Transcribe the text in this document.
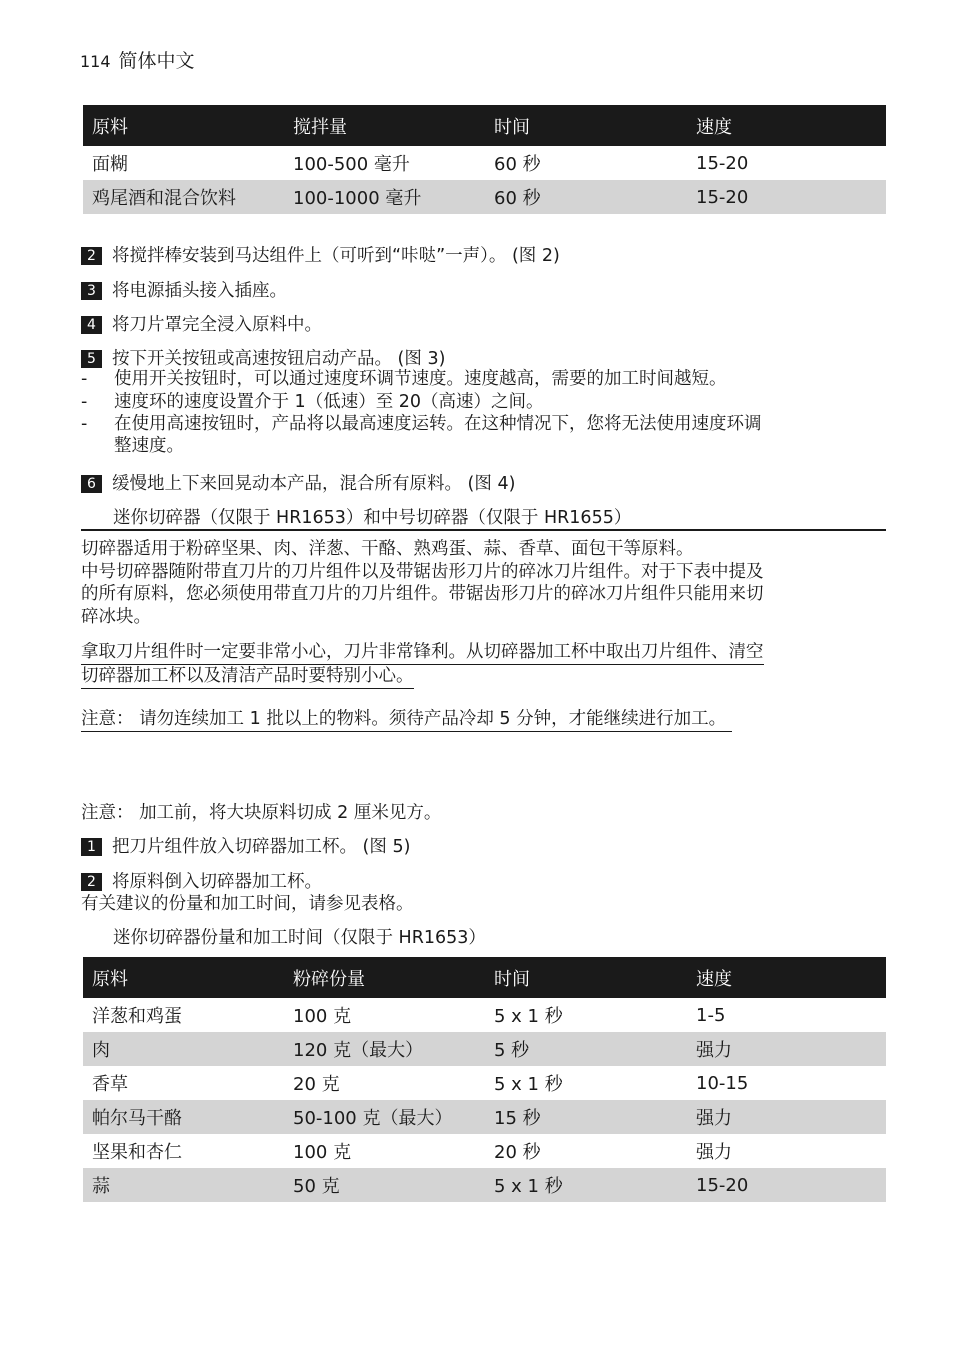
114 简体中文
原料	搅拌量	时间	速度
面糊	100-500 毫升	60 秒	15-20
鸡尾酒和混合饮料	100-1000 毫升	60 秒	15-20
2 将搅拌棒安装到马达组件上（可听到“咔哒”一声）。 (图 2)
3 将电源插头接入插座。
4 将刀片罩完全浸入原料中。
5 按下开关按钮或高速按钮启动产品。 (图 3)
- 使用开关按钮时，可以通过速度环调节速度。速度越高，需要的加工时间越短。
- 速度环的速度设置介于 1（低速）至 20（高速）之间。
- 在使用高速按钮时，产品将以最高速度运转。在这种情况下，您将无法使用速度环调
整速度。
6 缓慢地上下来回晃动本产品，混合所有原料。 (图 4)
迷你切碎器（仅限于 HR1653）和中号切碎器（仅限于 HR1655）
切碎器适用于粉碎坚果、肉、洋葱、干酪、熟鸡蛋、蒜、香草、面包干等原料。
中号切碎器随附带直刀片的刀片组件以及带锯齿形刀片的碎冰刀片组件。对于下表中提及
的所有原料，您必须使用带直刀片的刀片组件。带锯齿形刀片的碎冰刀片组件只能用来切
碎冰块。
拿取刀片组件时一定要非常小心，刀片非常锋利。从切碎器加工杯中取出刀片组件、清空
切碎器加工杯以及清洁产品时要特别小心。
注意： 请勿连续加工 1 批以上的物料。须待产品冷却 5 分钟，才能继续进行加工。
注意： 加工前，将大块原料切成 2 厘米见方。
1 把刀片组件放入切碎器加工杯。 (图 5)
2 将原料倒入切碎器加工杯。
有关建议的份量和加工时间，请参见表格。
迷你切碎器份量和加工时间（仅限于 HR1653）
原料	粉碎份量	时间	速度
洋葱和鸡蛋	100 克	5 x 1 秒	1-5
肉	120 克（最大）	5 秒	强力
香草	20 克	5 x 1 秒	10-15
帕尔马干酪	50-100 克（最大）	15 秒	强力
坚果和杏仁	100 克	20 秒	强力
蒜	50 克	5 x 1 秒	15-20
